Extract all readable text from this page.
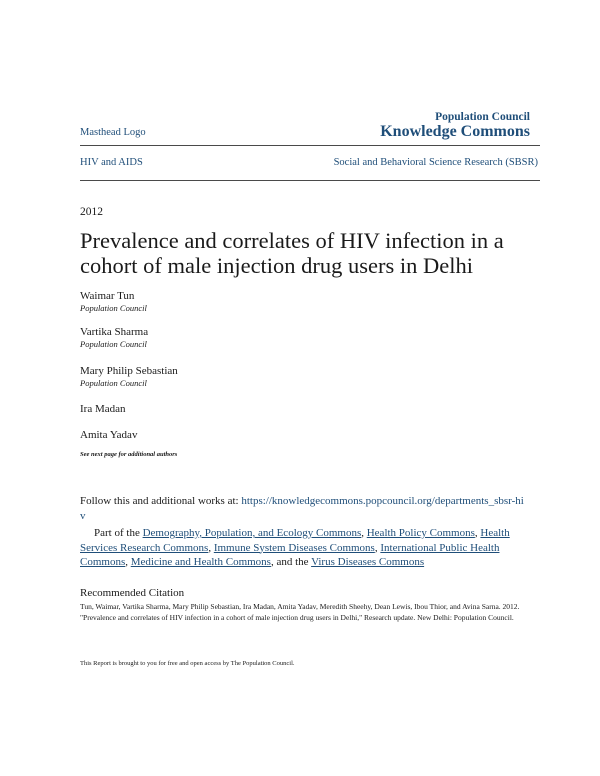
Masthead Logo
Population Council
Knowledge Commons
HIV and AIDS	Social and Behavioral Science Research (SBSR)
2012
Prevalence and correlates of HIV infection in a cohort of male injection drug users in Delhi
Waimar Tun
Population Council
Vartika Sharma
Population Council
Mary Philip Sebastian
Population Council
Ira Madan
Amita Yadav
See next page for additional authors
Follow this and additional works at: https://knowledgecommons.popcouncil.org/departments_sbsr-hiv
Part of the Demography, Population, and Ecology Commons, Health Policy Commons, Health Services Research Commons, Immune System Diseases Commons, International Public Health Commons, Medicine and Health Commons, and the Virus Diseases Commons
Recommended Citation
Tun, Waimar, Vartika Sharma, Mary Philip Sebastian, Ira Madan, Amita Yadav, Meredith Sheehy, Dean Lewis, Ibou Thior, and Avina Sarna. 2012. "Prevalence and correlates of HIV infection in a cohort of male injection drug users in Delhi," Research update. New Delhi: Population Council.
This Report is brought to you for free and open access by The Population Council.
